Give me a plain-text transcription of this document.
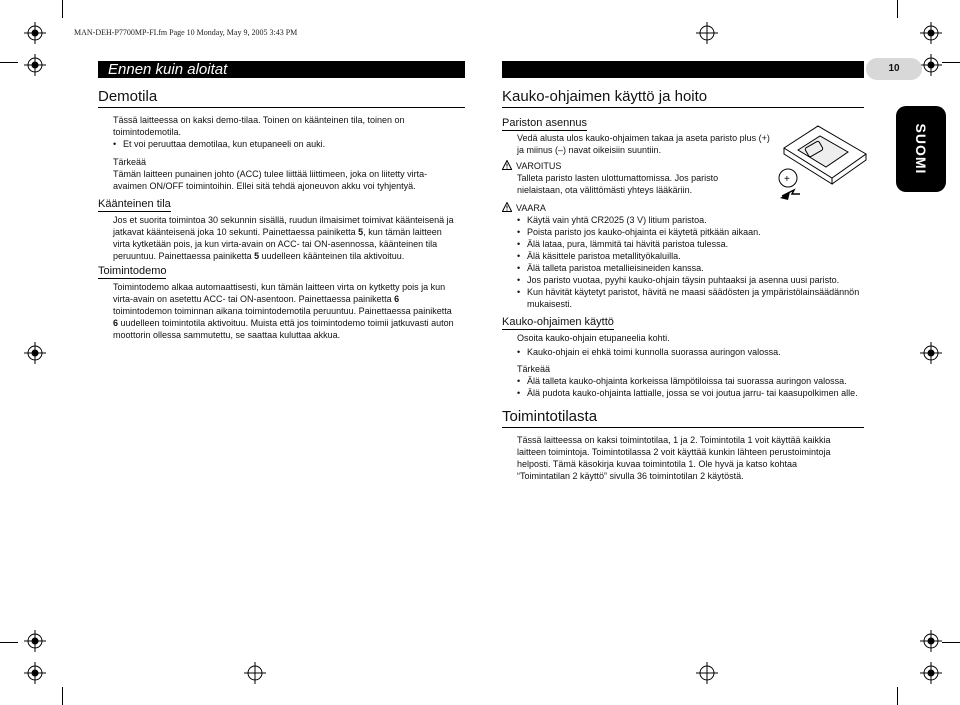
MAN-DEH-P7700MP-FI.fm Page 10 Monday, May 9, 2005 3:43 PM
Ennen kuin aloitat
Demotila
Tässä laitteessa on kaksi demo-tilaa. Toinen on käänteinen tila, toinen on toimintodemotila.
• Et voi peruuttaa demotilaa, kun etupaneeli on auki.
Tärkeää
Tämän laitteen punainen johto (ACC) tulee liittää liittimeen, joka on liitetty virta-avaimen ON/OFF toimintoihin. Ellei sitä tehdä ajoneuvon akku voi tyhjentyä.
Käänteinen tila
Jos et suorita toimintoa 30 sekunnin sisällä, ruudun ilmaisimet toimivat käänteisenä ja jatkavat käänteisenä joka 10 sekunti. Painettaessa painiketta 5, kun tämän laitteen virta kytketään pois, ja kun virta-avain on ACC- tai ON-asennossa, käänteinen tila peruuntuu. Painettaessa painiketta 5 uudelleen käänteinen tila aktivoituu.
Toimintodemo
Toimintodemo alkaa automaattisesti, kun tämän laitteen virta on kytketty pois ja kun virta-avain on asetettu ACC- tai ON-asentoon. Painettaessa painiketta 6 toimintodemon toiminnan aikana toimintodemotila peruuntuu. Painettaessa painiketta 6 uudelleen toimintotila aktivoituu. Muista että jos toimintodemo toimii jatkuvasti auton moottorin ollessa sammutettu, se saattaa kuluttaa akkua.
10
Kauko-ohjaimen käyttö ja hoito
SUOMI
Pariston asennus
Vedä alusta ulos kauko-ohjaimen takaa ja aseta paristo plus (+) ja miinus (–) navat oikeisiin suuntiin.
VAROITUS
Talleta paristo lasten ulottumattomissa. Jos paristo nielaistaan, ota välittömästi yhteys lääkäriin.
+
VAARA
• Käytä vain yhtä CR2025 (3 V) litium paristoa.
• Poista paristo jos kauko-ohjainta ei käytetä pitkään aikaan.
• Älä lataa, pura, lämmitä tai hävitä paristoa tulessa.
• Älä käsittele paristoa metallityökaluilla.
• Älä talleta paristoa metallieisineiden kanssa.
• Jos paristo vuotaa, pyyhi kauko-ohjain täysin puhtaaksi ja asenna uusi paristo.
• Kun hävität käytetyt paristot, hävitä ne maasi säädösten ja ympäristölainsäädännön mukaisesti.
Kauko-ohjaimen käyttö
Osoita kauko-ohjain etupaneelia kohti.
• Kauko-ohjain ei ehkä toimi kunnolla suorassa auringon valossa.
Tärkeää
• Älä talleta kauko-ohjainta korkeissa lämpötiloissa tai suorassa auringon valossa.
• Älä pudota kauko-ohjainta lattialle, jossa se voi joutua jarru- tai kaasupolkimen alle.
Toimintotilasta
Tässä laitteessa on kaksi toimintotilaa, 1 ja 2. Toimintotila 1 voit käyttää kaikkia laitteen toimintoja. Toimintotilassa 2 voit käyttää kunkin lähteen perustoimintoja helposti. Tämä käsokirja kuvaa toimintotila 1. Ole hyvä ja katso kohtaa “Toimintatilan 2 käyttö” sivulla 36 toimintotilan 2 käytöstä.
